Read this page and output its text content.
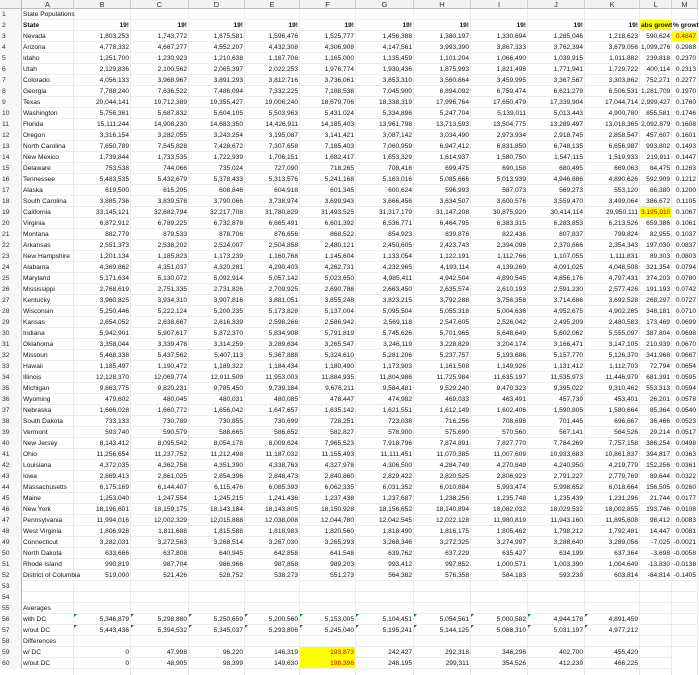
A	B	C	D	E	F	G	H	I	J	K	L	M
1	State Populations
2	State	19!	19!	19!	19!	19!	19!	19!	19!	19!	19! abs growt % growt
3	Nevada	1,803,253	1,743,772	1,675,581	1,596,476	1,525,777	1,456,388	1,380,197	1,330,694	1,285,046	1,218,623	590,624 0.4847
4	Arizona	4,778,332	4,667,277	4,552,207	4,432,308	4,306,908	4,147,561	3,993,390	3,867,333	3,762,394	3,679,056 1,099,276 0.2988
5	Idaho	1,251,700	1,230,923	1,210,638	1,187,706	1,165,000	1,135,459	1,101,204	1,066,490	1,039,915	1,011,882	239,818 0.2370
6	Utah	2,129,836	2,100,562	2,065,397	2,022,253	1,976,774	1,930,436	1,875,993	1,821,498	1,771,941	1,729,722	400,114 0.2313
7	Colorado	4,056,133	3,968,967	3,891,293	3,812,716	3,736,061	3,653,310	3,560,864	3,459,995	3,367,567	3,303,862	752,271 0.2277
8	Georgia	7,788,240	7,636,522	7,486,094	7,332,225	7,188,538	7,045,900	6,894,092	6,759,474	6,621,279	6,506,531 1,281,709 0.1970
9	Texas	20,044,141	19,712,389	19,355,427	19,006,240	18,679,706	18,338,319	17,996,764	17,650,479	17,339,904	17,044,714 2,999,427 0.1760
10	Washington	5,756,361	5,687,832	5,604,105	5,503,963	5,431,024	5,334,896	5,247,704	5,139,011	5,013,443	4,900,780	855,581 0.1746
11	Florida	15,111,244	14,908,230	14,683,350	14,426,911	14,185,403	13,961,798	13,713,593	13,504,775	13,289,497	13,018,365 2,092,879 0.1608
12	Oregon	3,316,154	3,282,055	3,243,254	3,195,087	3,141,421	3,087,142	3,034,490	2,973,934	2,918,745	2,858,547	457,607 0.1601
13	North Carolina	7,650,789	7,545,828	7,428,672	7,307,658	7,185,403	7,060,959	6,947,412	6,831,850	6,748,135	6,656,987	993,802 0.1493
14	New Mexico	1,739,844	1,733,535	1,722,939	1,706,151	1,682,417	1,653,329	1,614,937	1,580,750	1,547,115	1,519,933	219,911 0.1447
15	Delaware	753,538	744,066	735,024	727,090	718,265	708,416	699,475	690,158	680,495	669,063	84,475 0.1263
16	Tennessee	5,483,535	5,432,679	5,378,433	5,313,576	5,241,168	5,163,016	5,085,666	5,013,939	4,946,886	4,890,626	592,909 0.1212
17	Alaska	619,500	615,205	608,846	604,918	601,345	600,624	596,993	587,073	569,273	553,120	66,380 0.1200
18	South Carolina	3,885,736	3,839,578	3,790,066	3,738,974	3,699,943	3,666,456	3,634,507	3,600,576	3,559,470	3,499,064	386,672 0.1105
19	California	33,145,121	32,682,794	32,217,708	31,780,829	31,493,525	31,317,179	31,147,208	30,875,920	30,414,114	29,950,111 3,195,010 0.1067
20	Virginia	6,872,912	6,789,225	6,732,878	6,665,491	6,601,392	6,536,771	6,464,795	6,383,315	6,283,853	6,213,526	659,386 0.1061
21	Montana	882,779	879,533	878,706	876,656	868,522	854,923	839,876	822,436	807,837	799,824	82,955 0.1037
22	Arkansas	2,551,373	2,538,202	2,524,007	2,504,858	2,480,121	2,450,605	2,423,743	2,394,098	2,370,666	2,354,343	197,030 0.0837
23	New Hampshire	1,201,134	1,185,823	1,173,239	1,160,768	1,145,604	1,133,054	1,122,191	1,112,766	1,107,055	1,111,831	89,303 0.0803
24	Alabama	4,369,862	4,351,037	4,320,281	4,290,403	4,262,731	4,232,965	4,193,114	4,139,269	4,091,025	4,048,508	321,354 0.0794
25	Maryland	5,171,634	5,130,072	5,092,914	5,057,142	5,023,650	4,985,411	4,942,504	4,890,545	4,856,176	4,797,431	374,203 0.0780
26	Mississippi	2,768,619	2,751,335	2,731,826	2,709,925	2,690,788	2,663,450	2,635,574	2,610,193	2,591,230	2,577,426	191,193 0.0742
27	Kentucky	3,960,825	3,934,310	3,907,816	3,881,051	3,855,248	3,823,215	3,792,288	3,756,358	3,714,686	3,692,528	268,297 0.0727
28	Wisconsin	5,250,446	5,222,124	5,200,235	5,173,828	5,137,004	5,095,504	5,055,318	5,004,636	4,952,675	4,902,265	348,181 0.0710
29	Kansas	2,654,052	2,638,667	2,616,339	2,598,266	2,586,942	2,569,118	2,547,605	2,526,042	2,495,209	2,480,583	173,469 0.0699
30	Indiana	5,942,901	5,907,617	5,872,370	5,834,908	5,791,819	5,745,626	5,701,965	5,648,649	5,602,062	5,555,097	387,804 0.0698
31	Oklahoma	3,358,044	3,339,478	3,314,259	3,289,634	3,265,547	3,246,119	3,228,829	3,204,174	3,166,471	3,147,105	210,939 0.0670
32	Missouri	5,468,338	5,437,562	5,407,113	5,367,888	5,324,610	5,281,206	5,237,757	5,193,686	5,157,770	5,126,370	341,968 0.0667
33	Hawaii	1,185,497	1,190,472	1,189,322	1,184,434	1,180,490	1,173,903	1,161,508	1,149,926	1,131,412	1,112,703	72,794 0.0654
34	Illinois	12,128,370	12,069,774	12,011,509	11,953,003	11,884,935	11,804,986	11,725,984	11,635,197	11,535,973	11,446,979	681,391 0.0595
35	Michigan	9,863,775	9,820,231	9,785,450	9,739,184	9,676,211	9,584,481	9,529,240	9,470,323	9,395,022	9,310,462	553,313 0.0594
36	Wyoming	479,602	480,045	480,031	480,085	478,447	474,982	469,033	463,491	457,739	453,401	26,201 0.0578
37	Nebraska	1,666,028	1,660,772	1,656,042	1,647,657	1,635,142	1,621,551	1,612,149	1,602,406	1,590,805	1,580,664	85,364 0.0540
38	South Dakota	733,133	730,789	730,855	730,699	728,251	723,038	716,256	708,698	701,445	696,667	36,466 0.0523
39	Vermont	593,740	590,579	588,665	586,652	582,827	578,900	575,690	570,560	567,141	564,526	29,214 0.0517
40	New Jersey	8,143,412	8,095,542	8,054,178	8,009,624	7,965,523	7,918,796	7,874,891	7,827,770	7,784,269	7,757,158	386,254 0.0498
41	Ohio	11,256,654	11,237,752	11,212,498	11,187,032	11,155,493	11,111,451	11,070,385	11,007,609	10,933,683	10,861,837	394,817 0.0363
42	Louisiana	4,372,035	4,362,758	4,351,390	4,338,763	4,327,978	4,306,500	4,284,749	4,270,849	4,240,950	4,219,779	152,256 0.0361
43	Iowa	2,869,413	2,861,025	2,854,396	2,848,473	2,840,860	2,829,422	2,820,525	2,806,923	2,791,227	2,779,769	89,644 0.0322
44	Massachusetts	6,175,169	6,144,407	6,115,476	6,085,393	6,062,335	6,031,352	6,010,884	5,993,474	5,998,652	6,018,664	156,505 0.0260
45	Maine	1,253,040	1,247,554	1,245,215	1,241,436	1,237,438	1,237,687	1,238,256	1,235,748	1,235,439	1,231,296	21,744 0.0177
46	New York	18,196,601	18,159,175	18,143,184	18,143,805	18,150,928	18,156,652	18,140,894	18,082,032	18,029,532	18,002,855	193,746 0.0108
47	Pennsylvania	11,994,016	12,002,329	12,015,888	12,038,008	12,044,780	12,042,545	12,022,128	11,980,819	11,943,160	11,895,608	98,412 0.0083
48	West Virginia	1,806,928	1,811,688	1,815,588	1,818,983	1,820,560	1,818,490	1,816,175	1,805,462	1,798,212	1,792,481	14,447 0.0081
49	Connecticut	3,282,031	3,272,563	3,268,514	3,267,030	3,265,293	3,268,346	3,272,325	3,274,997	3,288,640	3,289,056	-7,025 -0.0021
50	North Dakota	633,666	637,808	640,945	642,858	641,548	639,762	637,229	635,427	634,199	637,364	-3,698 -0.0058
51	Rhode Island	990,819	987,704	986,966	987,858	989,203	993,412	997,852	1,000,571	1,003,390	1,004,649	-13,830 -0.0138
52	District of Columbia	519,000	521,426	528,752	538,273	551,273	564,382	576,358	584,183	593,239	603,814	-84,814 -0.1405
53
54
55	Averages
56	with DC	5,346,879	5,298,880	5,250,659	5,200,560	5,153,005	5,104,451	5,054,561	5,000,582	4,944,178	4,891,459
57	w/out DC	5,443,436	5,394,532	5,345,037	5,293,806	5,245,040	5,195,241	5,144,125	5,088,310	5,031,197	4,977,212
58	Differences
59	w/ DC	0	47,998	96,220	146,319	193,873	242,427	292,318	346,296	402,700	455,420
60	w/out DC	0	48,905	98,399	149,630	198,396	248,195	299,311	354,526	412,239	466,225
